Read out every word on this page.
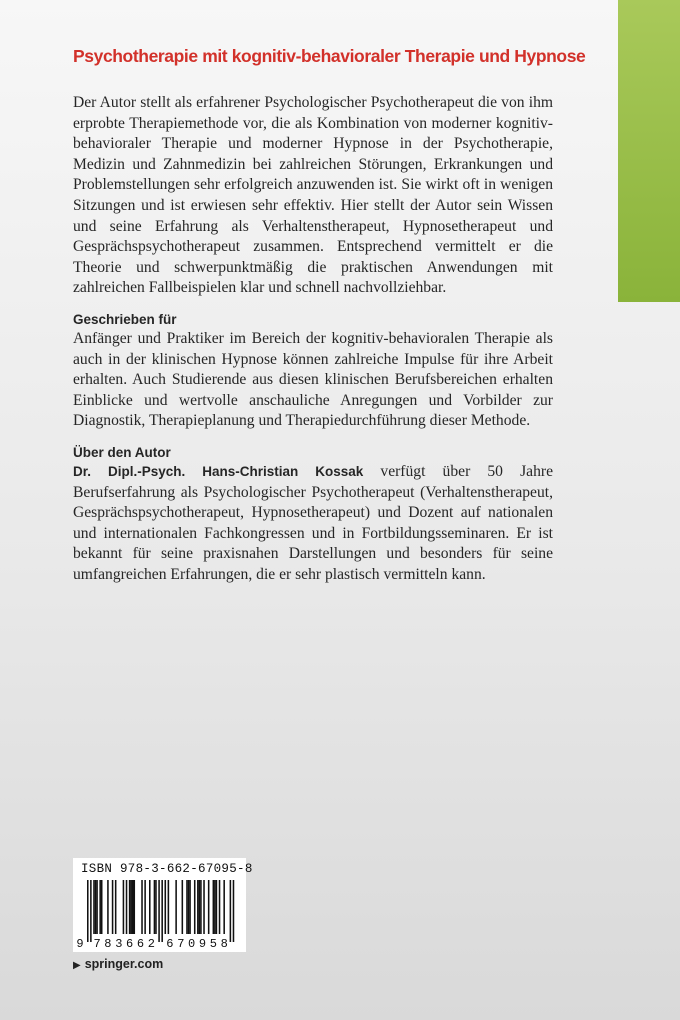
Psychotherapie mit kognitiv-behavioraler Therapie und Hypnose

Der Autor stellt als erfahrener Psychologischer Psychotherapeut die von ihm erprobte Therapiemethode vor, die als Kombination von moderner kognitiv-behavioraler Therapie und moderner Hypnose in der Psychotherapie, Medizin und Zahnmedizin bei zahlreichen Störungen, Erkrankungen und Problemstellungen sehr erfolgreich anzuwenden ist. Sie wirkt oft in wenigen Sitzungen und ist erwiesen sehr effektiv. Hier stellt der Autor sein Wissen und seine Erfahrung als Verhaltenstherapeut, Hypnosetherapeut und Gesprächspsychotherapeut zusammen. Entsprechend vermittelt er die Theorie und schwerpunktmäßig die praktischen Anwendungen mit zahlreichen Fallbeispielen klar und schnell nachvollziehbar.

Geschrieben für

Anfänger und Praktiker im Bereich der kognitiv-behavioralen Therapie als auch in der klinischen Hypnose können zahlreiche Impulse für ihre Arbeit erhalten. Auch Studierende aus diesen klinischen Berufsbereichen erhalten Einblicke und wertvolle anschauliche Anregungen und Vorbilder zur Diagnostik, Therapieplanung und Therapiedurchführung dieser Methode.

Über den Autor

Dr. Dipl.-Psych. Hans-Christian Kossak verfügt über 50 Jahre Berufserfahrung als Psychologischer Psychotherapeut (Verhaltenstherapeut, Gesprächspsychotherapeut, Hypnosetherapeut) und Dozent auf nationalen und internationalen Fachkongressen und in Fortbildungsseminaren. Er ist bekannt für seine praxisnahen Darstellungen und besonders für seine umfangreichen Erfahrungen, die er sehr plastisch vermitteln kann.

ISBN 978-3-662-67095-8
9 7 8 3 6 6 2 6 7 0 9 5 8
▶ springer.com
